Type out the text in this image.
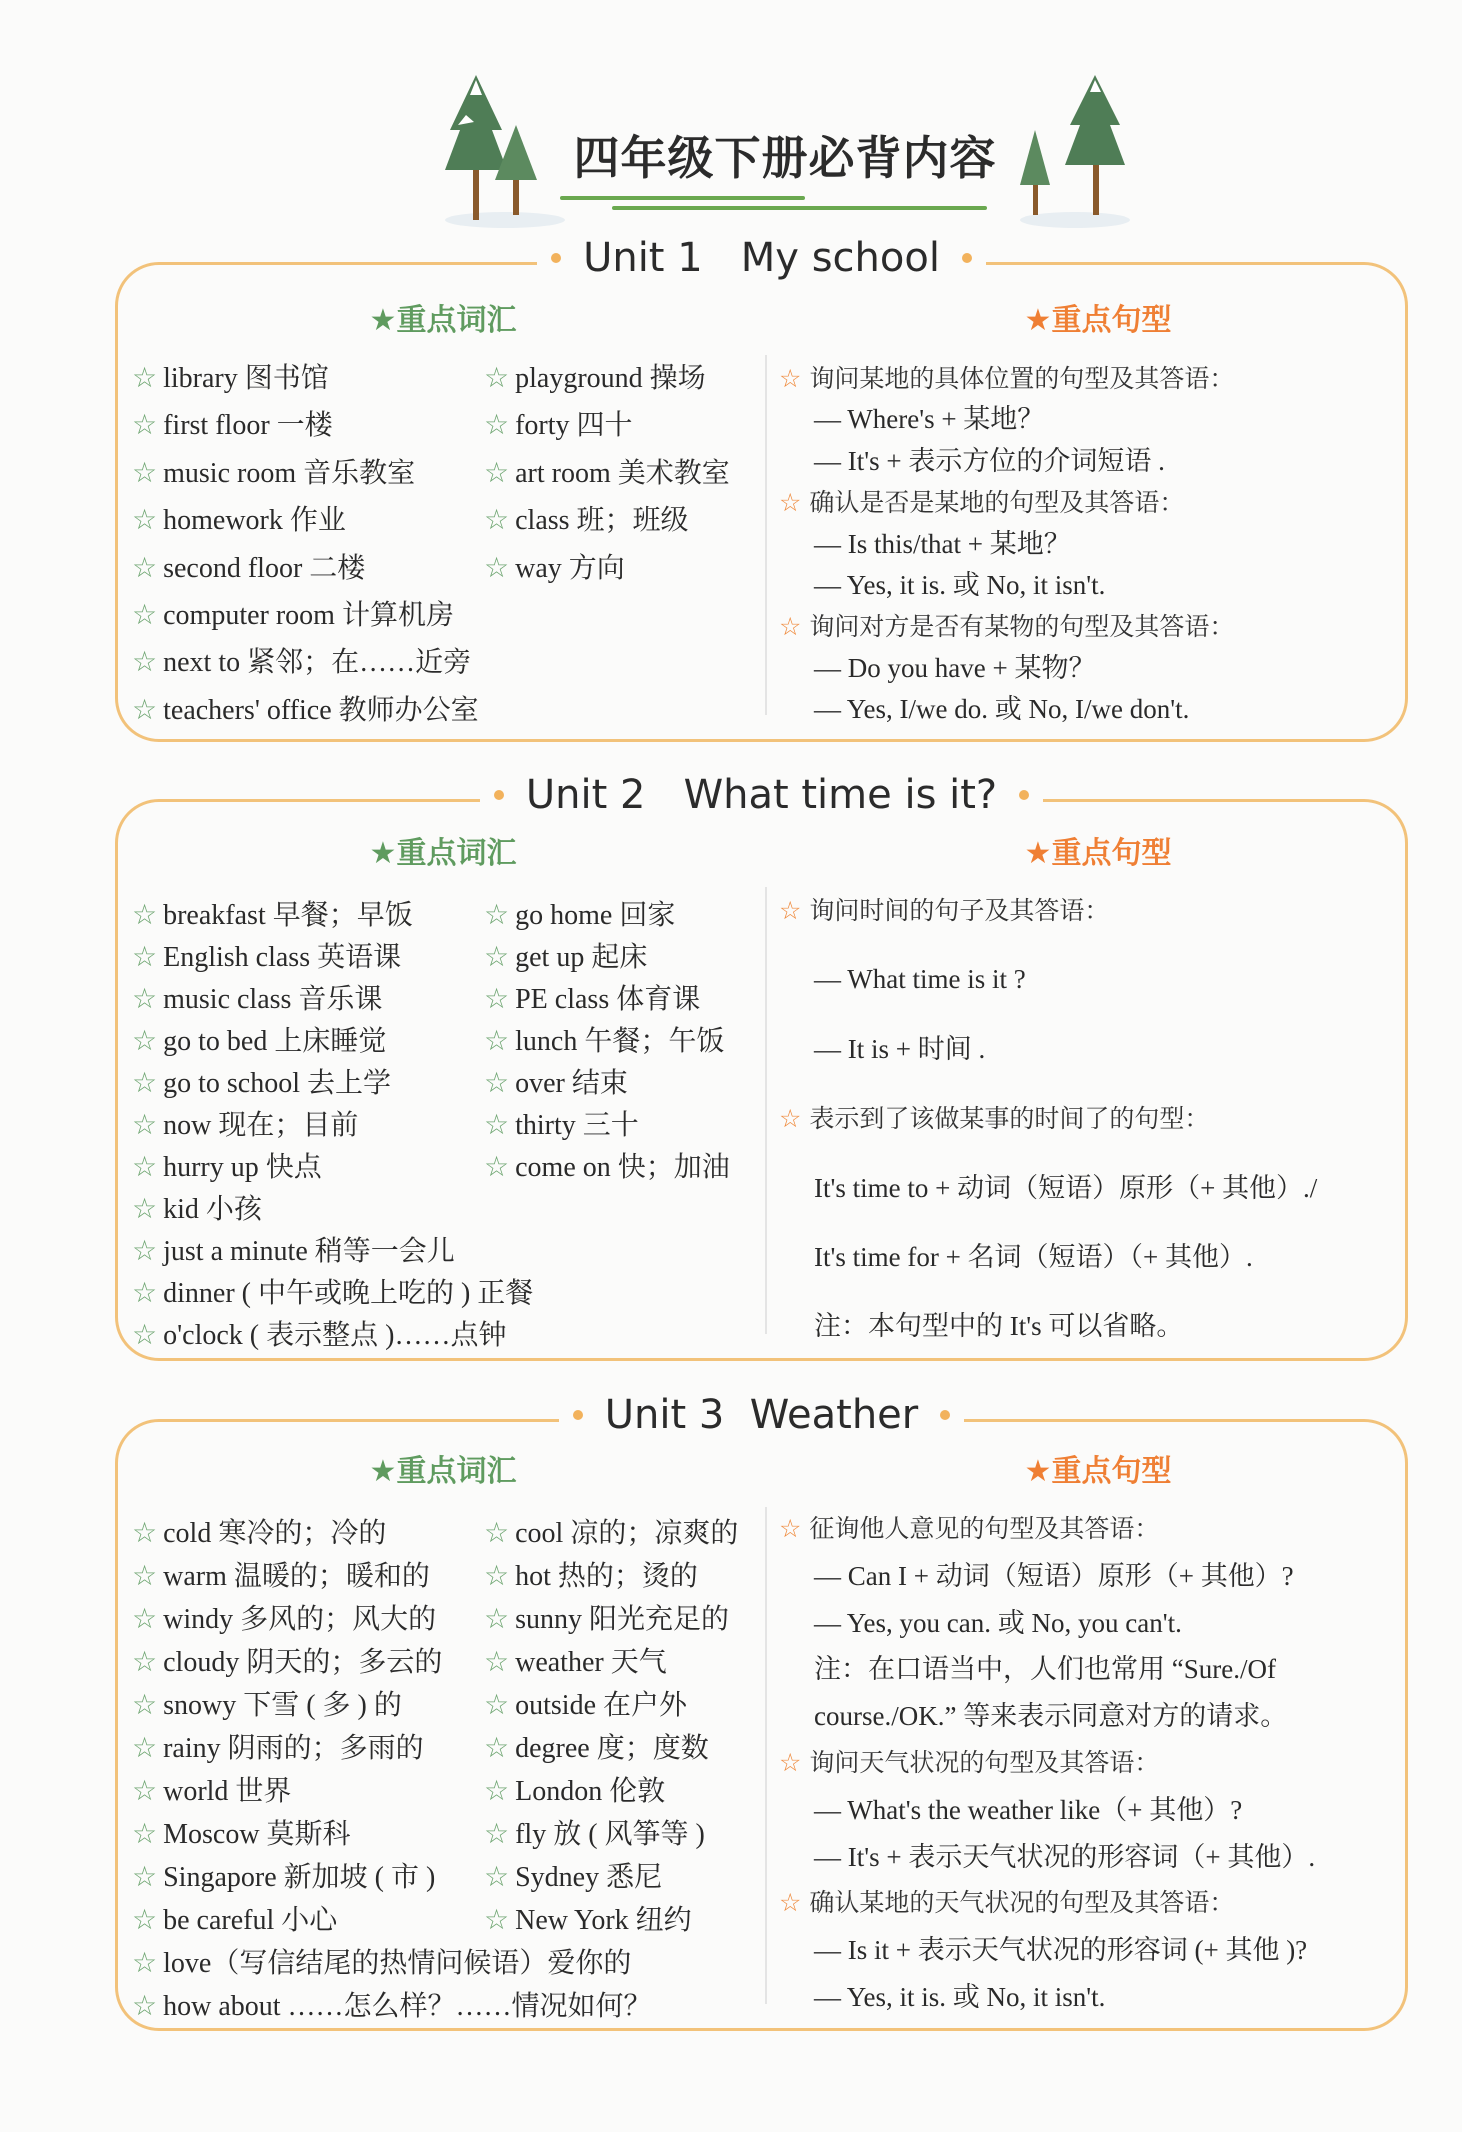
四年级下册必背内容
Unit 1   My school
★重点词汇	★重点句型
☆ library 图书馆
☆ first floor 一楼
☆ music room 音乐教室
☆ homework 作业
☆ second floor 二楼
☆ computer room 计算机房
☆ next to 紧邻；在……近旁
☆ teachers' office 教师办公室
☆ playground 操场
☆ forty 四十
☆ art room 美术教室
☆ class 班；班级
☆ way 方向
☆ 询问某地的具体位置的句型及其答语：
— Where's + 某地？
— It's + 表示方位的介词短语 .
☆ 确认是否是某地的句型及其答语：
— Is this/that + 某地？
— Yes, it is. 或 No, it isn't.
☆ 询问对方是否有某物的句型及其答语：
— Do you have + 某物？
— Yes, I/we do. 或 No, I/we don't.
Unit 2   What time is it?
★重点词汇	★重点句型
☆ breakfast 早餐；早饭
☆ English class 英语课
☆ music class 音乐课
☆ go to bed 上床睡觉
☆ go to school 去上学
☆ now 现在；目前
☆ hurry up 快点
☆ kid 小孩
☆ just a minute 稍等一会儿
☆ dinner ( 中午或晚上吃的 ) 正餐
☆ o'clock ( 表示整点 )……点钟
☆ go home 回家
☆ get up 起床
☆ PE class 体育课
☆ lunch 午餐；午饭
☆ over 结束
☆ thirty 三十
☆ come on 快；加油
☆ 询问时间的句子及其答语：
— What time is it ?
— It is + 时间 .
☆ 表示到了该做某事的时间了的句型：
It's time to + 动词（短语）原形（+ 其他）./
It's time for + 名词（短语）（+ 其他）.
注：本句型中的 It's 可以省略。
Unit 3  Weather
★重点词汇	★重点句型
☆ cold 寒冷的；冷的
☆ warm 温暖的；暖和的
☆ windy 多风的；风大的
☆ cloudy 阴天的；多云的
☆ snowy 下雪 ( 多 ) 的
☆ rainy 阴雨的；多雨的
☆ world 世界
☆ Moscow 莫斯科
☆ Singapore 新加坡 ( 市 )
☆ be careful 小心
☆ love（写信结尾的热情问候语）爱你的
☆ how about ……怎么样？……情况如何？
☆ cool 凉的；凉爽的
☆ hot 热的；烫的
☆ sunny 阳光充足的
☆ weather 天气
☆ outside 在户外
☆ degree 度；度数
☆ London 伦敦
☆ fly 放 ( 风筝等 )
☆ Sydney 悉尼
☆ New York 纽约
☆ 征询他人意见的句型及其答语：
— Can I + 动词（短语）原形（+ 其他）?
— Yes, you can. 或 No, you can't.
注：在口语当中，人们也常用 “Sure./Of
course./OK.” 等来表示同意对方的请求。
☆ 询问天气状况的句型及其答语：
— What's the weather like（+ 其他）?
— It's + 表示天气状况的形容词（+ 其他）.
☆ 确认某地的天气状况的句型及其答语：
— Is it + 表示天气状况的形容词 (+ 其他 )?
— Yes, it is. 或 No, it isn't.
